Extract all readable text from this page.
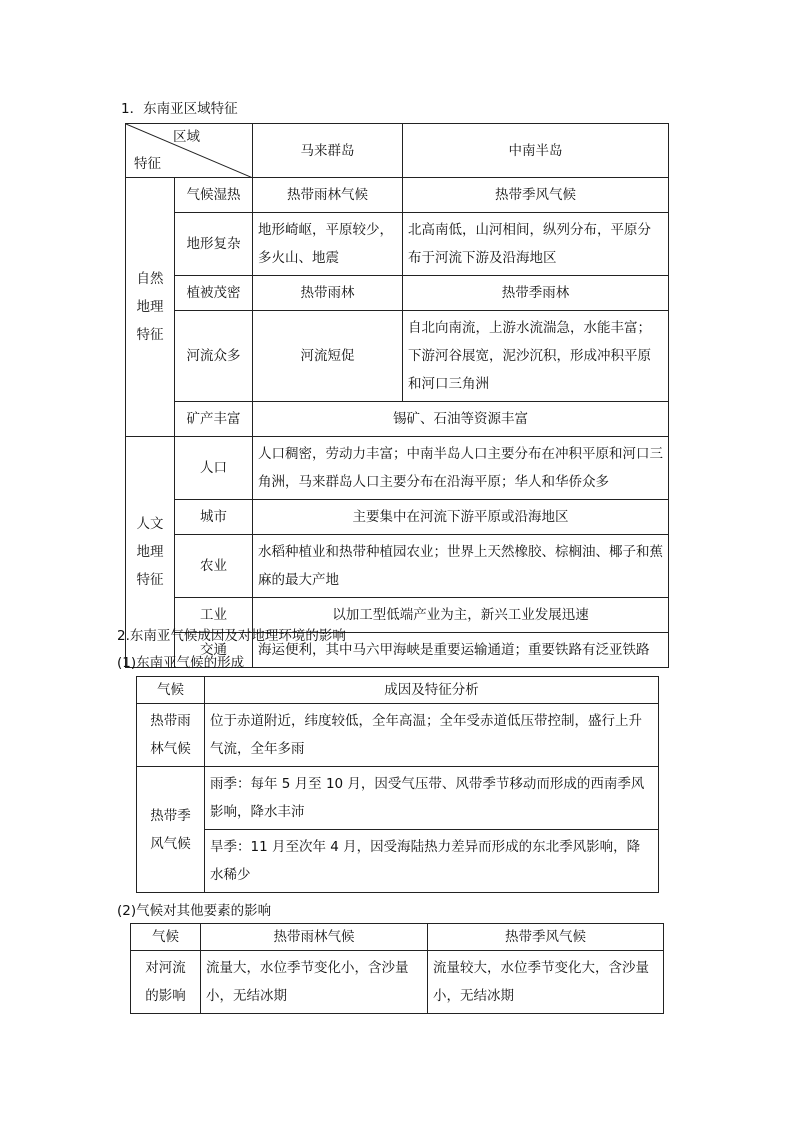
1．东南亚区域特征
区域
特征		马来群岛	中南半岛
自然
地理
特征	气候湿热	热带雨林气候	热带季风气候
	地形复杂	地形崎岖，平原较少，多火山、地震	北高南低，山河相间，纵列分布，平原分布于河流下游及沿海地区
	植被茂密	热带雨林	热带季雨林
	河流众多	河流短促	自北向南流，上游水流湍急，水能丰富；下游河谷展宽，泥沙沉积，形成冲积平原和河口三角洲
	矿产丰富	锡矿、石油等资源丰富	
人文
地理
特征	人口	人口稠密，劳动力丰富；中南半岛人口主要分布在冲积平原和河口三角洲，马来群岛人口主要分布在沿海平原；华人和华侨众多	
	城市	主要集中在河流下游平原或沿海地区	
	农业	水稻种植业和热带种植园农业；世界上天然橡胶、棕榈油、椰子和蕉麻的最大产地	
	工业	以加工型低端产业为主，新兴工业发展迅速	
	交通	海运便利，其中马六甲海峡是重要运输通道；重要铁路有泛亚铁路	
2.东南亚气候成因及对地理环境的影响
(1)东南亚气候的形成
气候	成因及特征分析
热带雨
林气候	位于赤道附近，纬度较低，全年高温；全年受赤道低压带控制，盛行上升气流，全年多雨
热带季
风气候	雨季：每年 5 月至 10 月，因受气压带、风带季节移动而形成的西南季风影响，降水丰沛
	旱季：11 月至次年 4 月，因受海陆热力差异而形成的东北季风影响，降水稀少
(2)气候对其他要素的影响
气候	热带雨林气候	热带季风气候
对河流
的影响	流量大，水位季节变化小，含沙量小，无结冰期	流量较大，水位季节变化大，含沙量小，无结冰期
